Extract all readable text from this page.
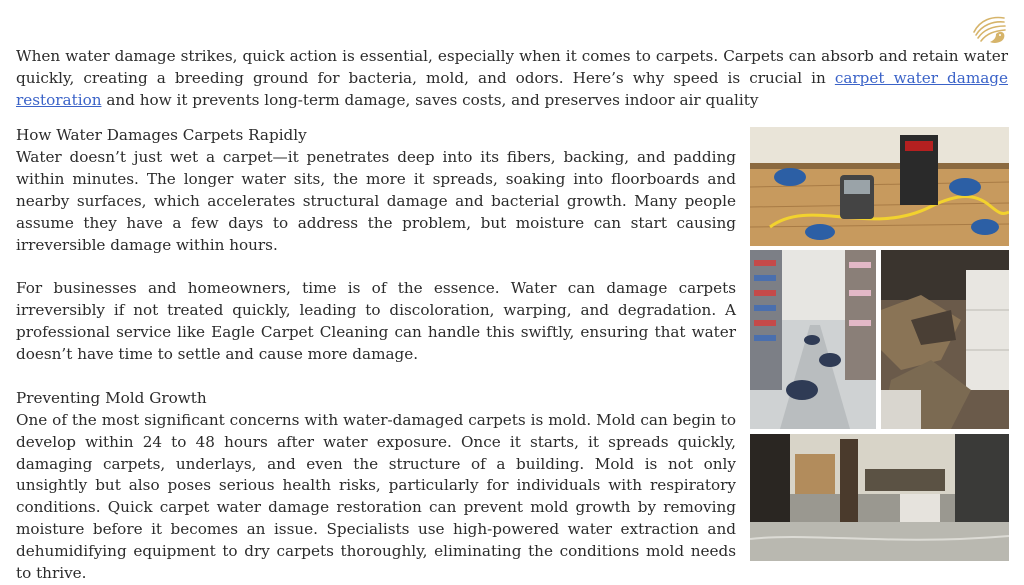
When water damage strikes, quick action is essential, especially when it comes to carpets. Carpets can absorb and retain water quickly, creating a breeding ground for bacteria, mold, and odors. Here’s why speed is crucial in carpet water damage restoration and how it prevents long-term damage, saves costs, and preserves indoor air quality

How Water Damages Carpets Rapidly

Water doesn’t just wet a carpet—it penetrates deep into its fibers, backing, and padding within minutes. The longer water sits, the more it spreads, soaking into floorboards and nearby surfaces, which accelerates structural damage and bacterial growth. Many people assume they have a few days to address the problem, but moisture can start causing irreversible damage within hours.

For businesses and homeowners, time is of the essence. Water can damage carpets irreversibly if not treated quickly, leading to discoloration, warping, and degradation. A professional service like Eagle Carpet Cleaning can handle this swiftly, ensuring that water doesn’t have time to settle and cause more damage.

Preventing Mold Growth

One of the most significant concerns with water-damaged carpets is mold. Mold can begin to develop within 24 to 48 hours after water exposure. Once it starts, it spreads quickly, damaging carpets, underlays, and even the structure of a building. Mold is not only unsightly but also poses serious health risks, particularly for individuals with respiratory conditions. Quick carpet water damage restoration can prevent mold growth by removing moisture before it becomes an issue. Specialists use high-powered water extraction and dehumidifying equipment to dry carpets thoroughly, eliminating the conditions mold needs to thrive.
